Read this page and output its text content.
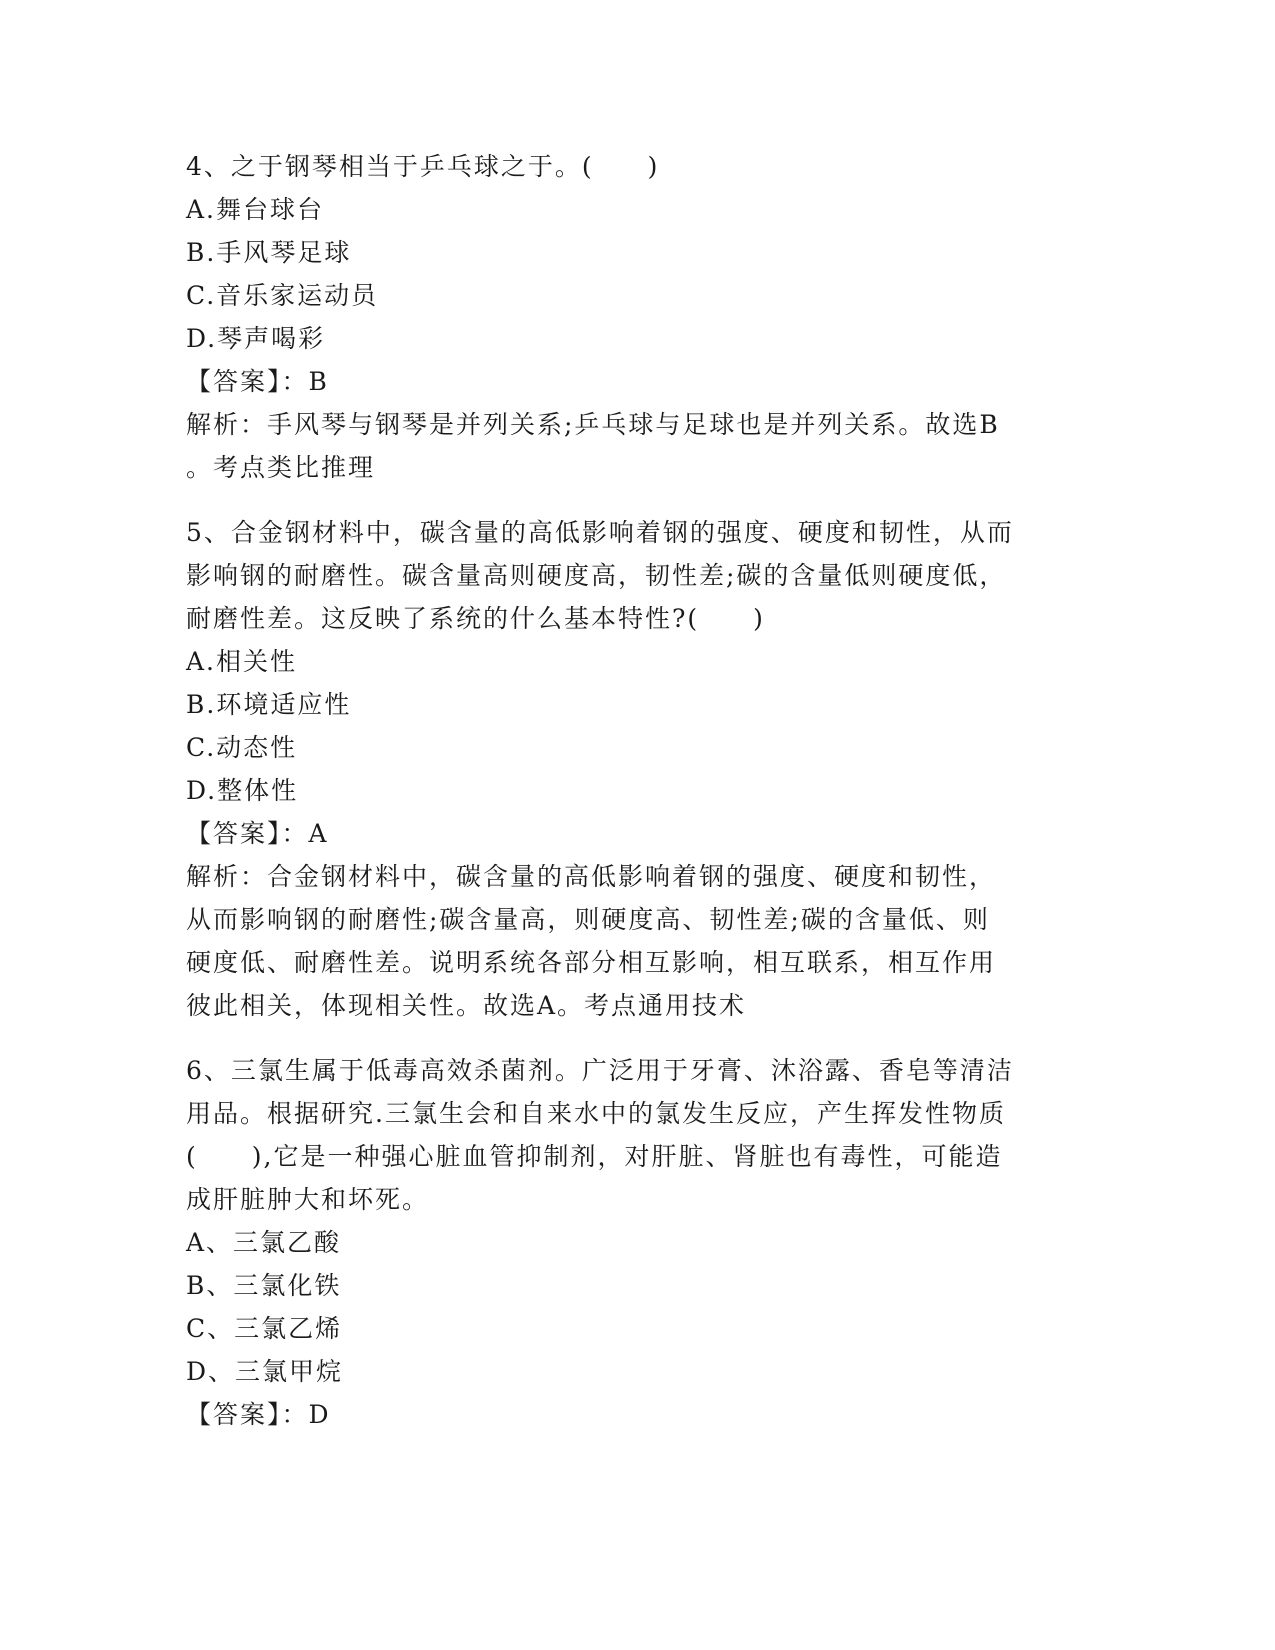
4、之于钢琴相当于乒乓球之于。(　　)
A.舞台球台
B.手风琴足球
C.音乐家运动员
D.琴声喝彩
【答案】：B
解析：手风琴与钢琴是并列关系;乒乓球与足球也是并列关系。故选B
。考点类比推理
5、合金钢材料中，碳含量的高低影响着钢的强度、硬度和韧性，从而
影响钢的耐磨性。碳含量高则硬度高，韧性差;碳的含量低则硬度低，
耐磨性差。这反映了系统的什么基本特性?(　　)
A.相关性
B.环境适应性
C.动态性
D.整体性
【答案】：A
解析：合金钢材料中，碳含量的高低影响着钢的强度、硬度和韧性，
从而影响钢的耐磨性;碳含量高，则硬度高、韧性差;碳的含量低、则
硬度低、耐磨性差。说明系统各部分相互影响，相互联系，相互作用
彼此相关，体现相关性。故选A。考点通用技术
6、三氯生属于低毒高效杀菌剂。广泛用于牙膏、沐浴露、香皂等清洁
用品。根据研究.三氯生会和自来水中的氯发生反应，产生挥发性物质
(　　),它是一种强心脏血管抑制剂，对肝脏、肾脏也有毒性，可能造
成肝脏肿大和坏死。
A、三氯乙酸
B、三氯化铁
C、三氯乙烯
D、三氯甲烷
【答案】：D
